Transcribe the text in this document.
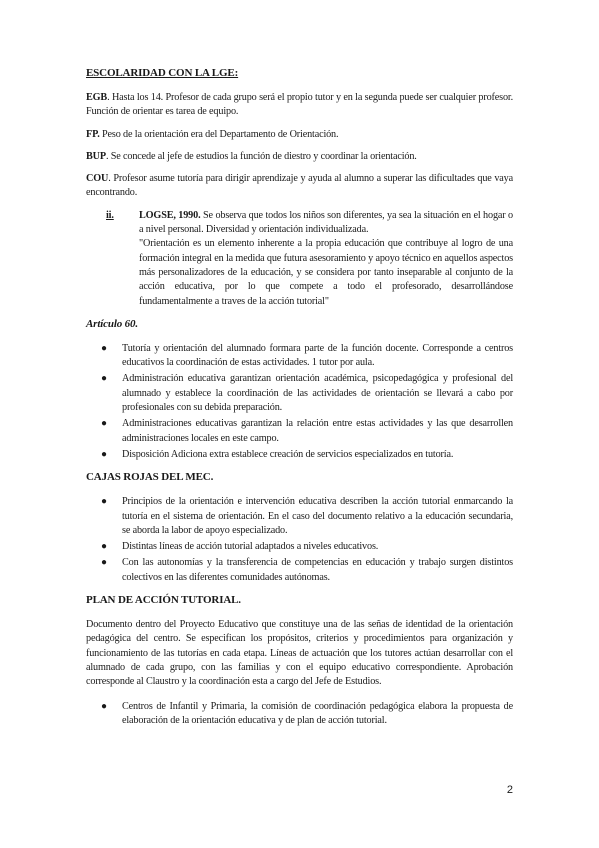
ESCOLARIDAD CON LA LGE:

EGB. Hasta los 14. Profesor de cada grupo será el propio tutor y en la segunda puede ser cualquier profesor. Función de orientar es tarea de equipo.

FP. Peso de la orientación era del Departamento de Orientación.

BUP. Se concede al jefe de estudios la función de diestro y coordinar la orientación.

COU. Profesor asume tutoría para dirigir aprendizaje y ayuda al alumno a superar las dificultades que vaya encontrando.

ii.	LOGSE, 1990. Se observa que todos los niños son diferentes, ya sea la situación en el hogar o a nivel personal. Diversidad y orientación individualizada.
"Orientación es un elemento inherente a la propia educación que contribuye al logro de una formación integral en la medida que futura asesoramiento y apoyo técnico en aquellos aspectos más personalizadores de la educación, y se considera por tanto inseparable al conjunto de la acción educativa, por lo que compete a todo el profesorado, desarrollándose fundamentalmente a traves de la acción tutorial"
Artículo 60.
●	Tutoría y orientación del alumnado formara parte de la función docente. Corresponde a centros educativos la coordinación de estas actividades. 1 tutor por aula.
●	Administración educativa garantizan orientación académica, psicopedagógica y profesional del alumnado y establece la coordinación de las actividades de orientación se llevará a cabo por profesionales con su debida preparación.
●	Administraciones educativas garantizan la relación entre estas actividades y las que desarrollen administraciones locales en este campo.
●	Disposición Adiciona extra establece creación de servicios especializados en tutoría.
CAJAS ROJAS DEL MEC.
●	Principios de la orientación e intervención educativa describen la acción tutorial enmarcando la tutoría en el sistema de orientación. En el caso del documento relativo a la educación secundaria, se aborda la labor de apoyo especializado.
●	Distintas líneas de acción tutorial adaptados a niveles educativos.
●	Con las autonomías y la transferencia de competencias en educación y trabajo surgen distintos colectivos en las diferentes comunidades autónomas.
PLAN DE ACCIÓN TUTORIAL.

Documento dentro del Proyecto Educativo que constituye una de las señas de identidad de la orientación pedagógica del centro. Se especifican los propósitos, criterios y procedimientos para organización y funcionamiento de las tutorías en cada etapa. Líneas de actuación que los tutores actúan desarrollar con el alumnado de cada grupo, con las familias y con el equipo educativo correspondiente. Aprobación corresponde al Claustro y la coordinación esta a cargo del Jefe de Estudios.

●	Centros de Infantil y Primaria, la comisión de coordinación pedagógica elabora la propuesta de elaboración de la orientación educativa y de plan de acción tutorial.
2
